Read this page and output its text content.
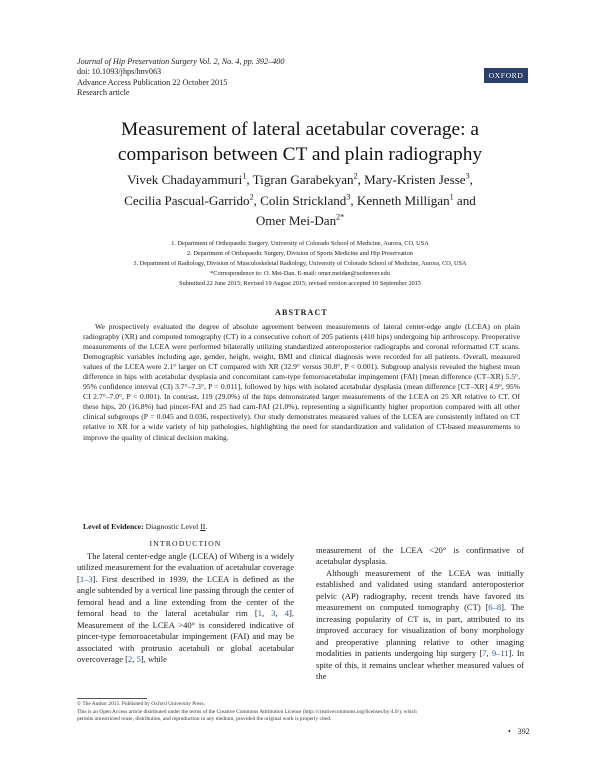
Journal of Hip Preservation Surgery Vol. 2, No. 4, pp. 392–400
doi: 10.1093/jhps/hnv063
Advance Access Publication 22 October 2015
Research article
OXFORD
Measurement of lateral acetabular coverage: a
comparison between CT and plain radiography
Vivek Chadayammuri$^1$, Tigran Garabekyan$^2$, Mary-Kristen Jesse$^3$,
Cecilia Pascual-Garrido$^2$, Colin Strickland$^3$, Kenneth Milligan$^1$ and
Omer Mei-Dan$^{2*}$
1. Department of Orthopaedic Surgery, University of Colorado School of Medicine, Aurora, CO, USA
2. Department of Orthopaedic Surgery, Division of Sports Medicine and Hip Preservation
3. Department of Radiology, Division of Musculoskeletal Radiology, University of Colorado School of Medicine, Aurora, CO, USA
*Correspondence to: O. Mei-Dan. E-mail: omer.meidan@ucdenver.edu
Submitted 22 June 2015; Revised 19 August 2015; revised version accepted 10 September 2015
ABSTRACT
We prospectively evaluated the degree of absolute agreement between measurements of lateral center-edge angle (LCEA) on plain radiography (XR) and computed tomography (CT) in a consecutive cohort of 205 patients (410 hips) undergoing hip arthroscopy. Preoperative measurements of the LCEA were performed bilaterally utilizing standardized anteroposterior radiographs and coronal reformatted CT scans. Demographic variables including age, gender, height, weight, BMI and clinical diagnosis were recorded for all patients. Overall, measured values of the LCEA were 2.1° larger on CT compared with XR (32.9° versus 30.8°, P < 0.001). Subgroup analysis revealed the highest mean difference in hips with acetabular dysplasia and concomitant cam-type femoroacetabular impingement (FAI) [mean difference (CT–XR) 5.5°, 95% confidence interval (CI) 3.7°–7.3°, P = 0.011], followed by hips with isolated acetabular dysplasia (mean difference [CT–XR] 4.9°, 95% CI 2.7°–7.0°, P < 0.001). In contrast, 119 (29.0%) of the hips demonstrated larger measurements of the LCEA on 25 XR relative to CT. Of these hips, 20 (16.8%) had pincer-FAI and 25 had cam-FAI (21.0%), representing a significantly higher proportion compared with all other clinical subgroups (P = 0.045 and 0.036, respectively). Our study demonstrates measured values of the LCEA are consistently inflated on CT relative to XR for a wide variety of hip pathologies, highlighting the need for standardization and validation of CT-based measurements to improve the quality of clinical decision making.
Level of Evidence: Diagnostic Level II.
INTRODUCTION

The lateral center-edge angle (LCEA) of Wiberg is a widely utilized measurement for the evaluation of acetabular coverage [1–3]. First described in 1939, the LCEA is defined as the angle subtended by a vertical line passing through the center of femoral head and a line extending from the center of the femoral head to the lateral acetabular rim [1, 3, 4]. Measurement of the LCEA >40° is considered indicative of pincer-type femoroacetabular impingement (FAI) and may be associated with protrusio acetabuli or global acetabular overcoverage [2, 5], while

measurement of the LCEA <20° is confirmative of acetabular dysplasia.

Although measurement of the LCEA was initially established and validated using standard anteroposterior pelvic (AP) radiography, recent trends have favored its measurement on computed tomography (CT) [6–8]. The increasing popularity of CT is, in part, attributed to its improved accuracy for visualization of bony morphology and preoperative planning relative to other imaging modalities in patients undergoing hip surgery [7, 9–11]. In spite of this, it remains unclear whether measured values of the

© The Author 2015. Published by Oxford University Press.
This is an Open Access article distributed under the terms of the Creative Commons Attribution License (http://creativecommons.org/licenses/by/4.0/), which
permits unrestricted reuse, distribution, and reproduction in any medium, provided the original work is properly cited.
• 392
